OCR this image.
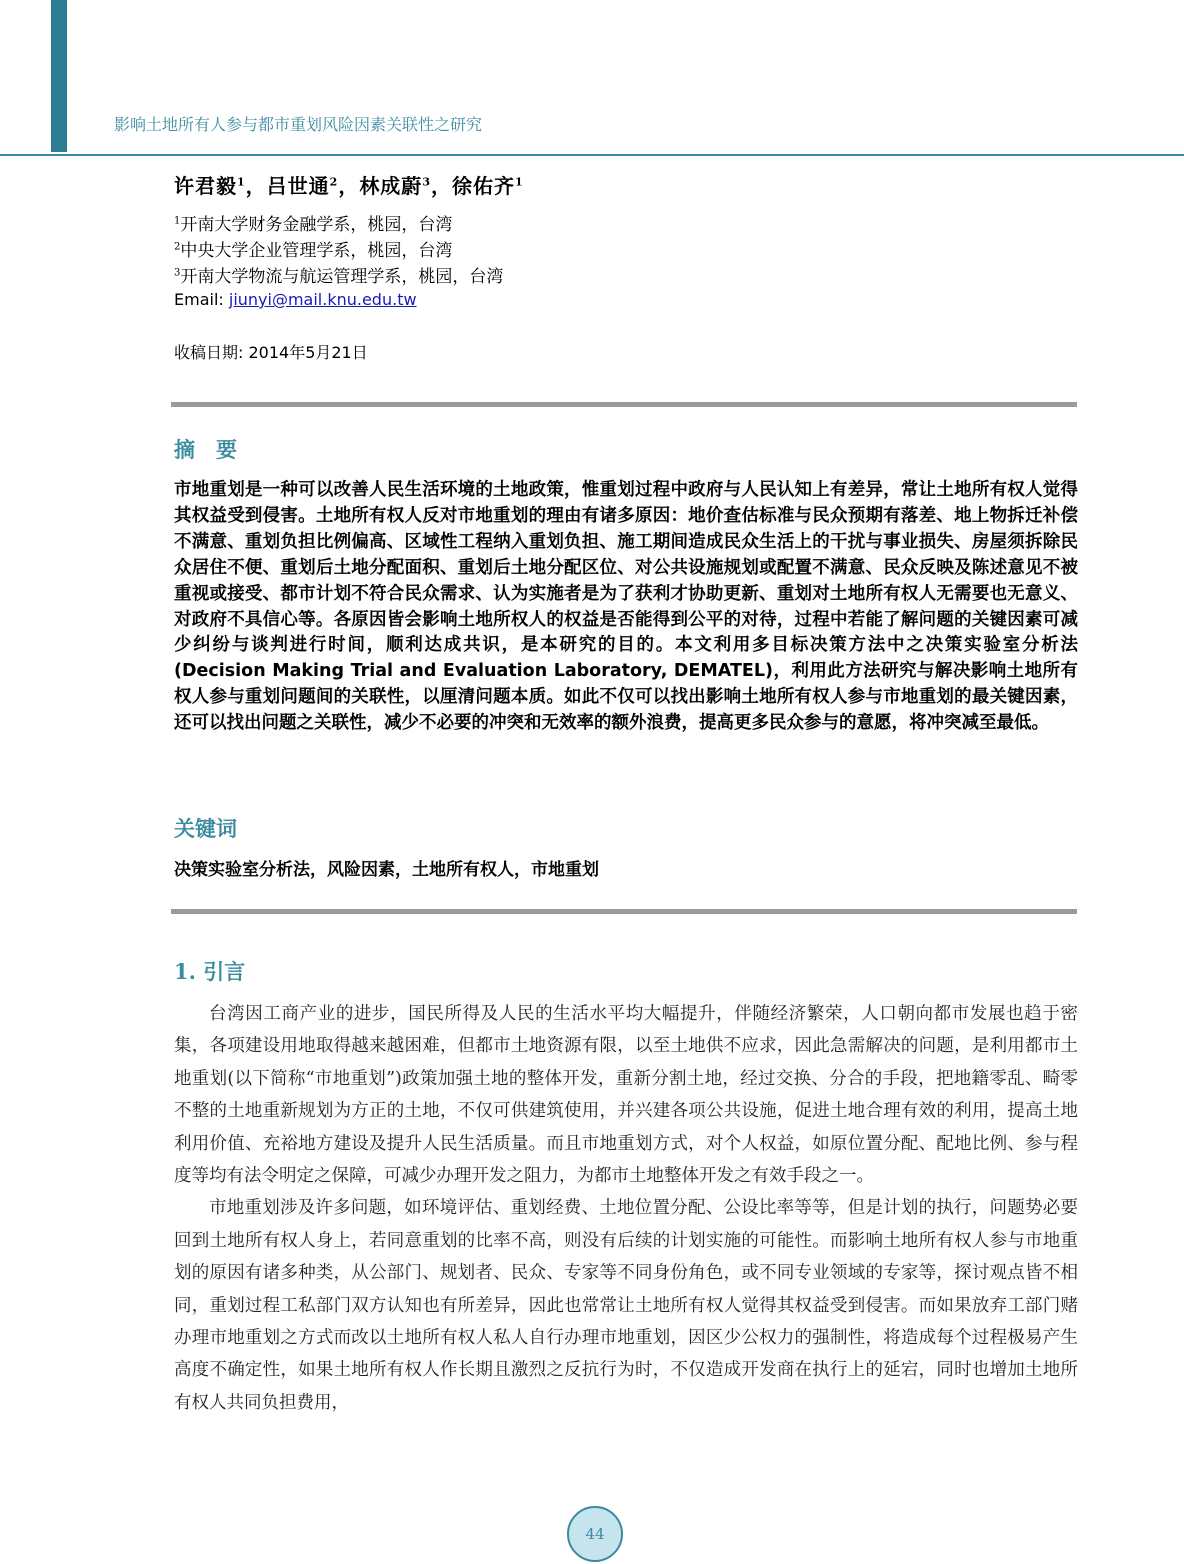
影响土地所有人参与都市重划风险因素关联性之研究
许君毅$^1$，吕世通$^2$，林成蔚$^3$，徐佑齐$^1$
$^1$开南大学财务金融学系，桃园，台湾
$^2$中央大学企业管理学系，桃园，台湾
$^3$开南大学物流与航运管理学系，桃园，台湾
Email: jiunyi@mail.knu.edu.tw
收稿日期: 2014年5月21日
摘　要
市地重划是一种可以改善人民生活环境的土地政策，惟重划过程中政府与人民认知上有差异，常让土地所有权人觉得其权益受到侵害。土地所有权人反对市地重划的理由有诸多原因：地价查估标准与民众预期有落差、地上物拆迁补偿不满意、重划负担比例偏高、区域性工程纳入重划负担、施工期间造成民众生活上的干扰与事业损失、房屋须拆除民众居住不便、重划后土地分配面积、重划后土地分配区位、对公共设施规划或配置不满意、民众反映及陈述意见不被重视或接受、都市计划不符合民众需求、认为实施者是为了获利才协助更新、重划对土地所有权人无需要也无意义、对政府不具信心等。各原因皆会影响土地所权人的权益是否能得到公平的对待，过程中若能了解问题的关键因素可减少纠纷与谈判进行时间，顺利达成共识，是本研究的目的。本文利用多目标决策方法中之决策实验室分析法(Decision Making Trial and Evaluation Laboratory, DEMATEL)，利用此方法研究与解决影响土地所有权人参与重划问题间的关联性，以厘清问题本质。如此不仅可以找出影响土地所有权人参与市地重划的最关键因素，还可以找出问题之关联性，减少不必要的冲突和无效率的额外浪费，提高更多民众参与的意愿，将冲突减至最低。
关键词
决策实验室分析法，风险因素，土地所有权人，市地重划
1. 引言

台湾因工商产业的进步，国民所得及人民的生活水平均大幅提升，伴随经济繁荣，人口朝向都市发展也趋于密集，各项建设用地取得越来越困难，但都市土地资源有限，以至土地供不应求，因此急需解决的问题，是利用都市土地重划(以下简称“市地重划”)政策加强土地的整体开发，重新分割土地，经过交换、分合的手段，把地籍零乱、畸零不整的土地重新规划为方正的土地，不仅可供建筑使用，并兴建各项公共设施，促进土地合理有效的利用，提高土地利用价值、充裕地方建设及提升人民生活质量。而且市地重划方式，对个人权益，如原位置分配、配地比例、参与程度等均有法令明定之保障，可减少办理开发之阻力，为都市土地整体开发之有效手段之一。

市地重划涉及许多问题，如环境评估、重划经费、土地位置分配、公设比率等等，但是计划的执行，问题势必要回到土地所有权人身上，若同意重划的比率不高，则没有后续的计划实施的可能性。而影响土地所有权人参与市地重划的原因有诸多种类，从公部门、规划者、民众、专家等不同身份角色，或不同专业领域的专家等，探讨观点皆不相同，重划过程工私部门双方认知也有所差异，因此也常常让土地所有权人觉得其权益受到侵害。而如果放弃工部门赌办理市地重划之方式而改以土地所有权人私人自行办理市地重划，因区少公权力的强制性，将造成每个过程极易产生高度不确定性，如果土地所有权人作长期且激烈之反抗行为时，不仅造成开发商在执行上的延宕，同时也增加土地所有权人共同负担费用，

44
